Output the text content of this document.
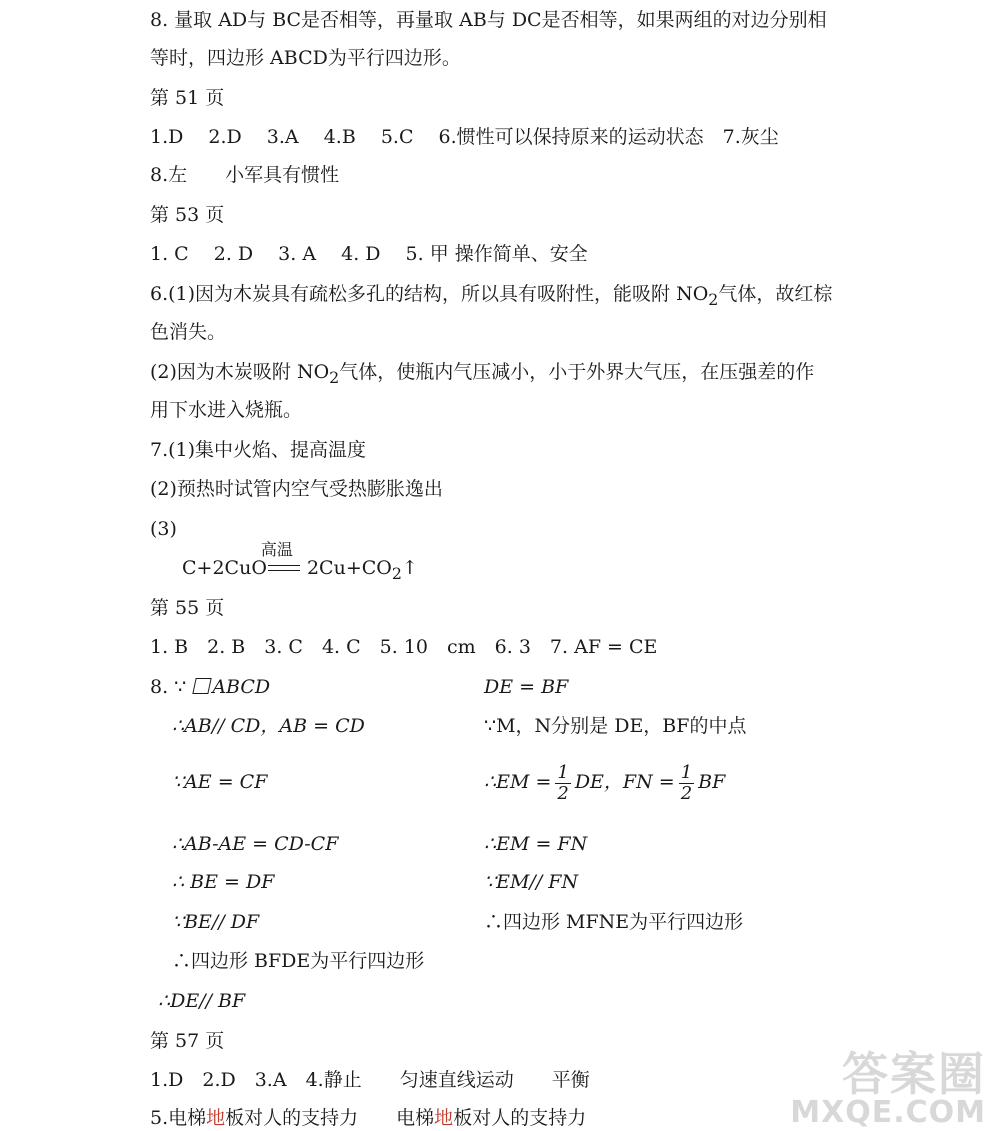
8. 量取 AD与 BC是否相等，再量取 AB与 DC是否相等，如果两组的对边分别相
等时，四边形 ABCD为平行四边形。
第 51 页
1.D　 2.D　 3.A　 4.B　 5.C　 6.惯性可以保持原来的运动状态　7.灰尘
8.左　　小军具有惯性
第 53 页
1. C　 2. D　 3. A　 4. D　 5. 甲 操作简单、安全
6.(1)因为木炭具有疏松多孔的结构，所以具有吸附性，能吸附 $NO_2$气体，故红棕
色消失。
(2)因为木炭吸附 $NO_2$气体，使瓶内气压减小，小于外界大气压，在压强差的作
用下水进入烧瓶。
7.(1)集中火焰、提高温度
(2)预热时试管内空气受热膨胀逸出
(3)
C+2CuO
高温
$2Cu+CO_2↑$
第 55 页
1. B　2. B　3. C　4. C　5. 10　cm　6. 3　7. AF = CE
8. ∵ ABCD
∴AB// CD，AB = CD
∵AE = CF
∴AB-AE = CD-CF
∴ BE = DF
∵BE// DF
∴四边形 BFDE为平行四边形
∴DE// BF
DE = BF
∵M，N分别是 DE，BF的中点
∴EM = $\frac{1}{2}$ DE，FN = $\frac{1}{2}$ BF
∴EM = FN
∵EM// FN
∴四边形 MFNE为平行四边形
第 57 页
1.D　2.D　3.A　4.静止　　匀速直线运动　　平衡
5.电梯地板对人的支持力　　电梯地板对人的支持力
答案圈
MXQE.COM
